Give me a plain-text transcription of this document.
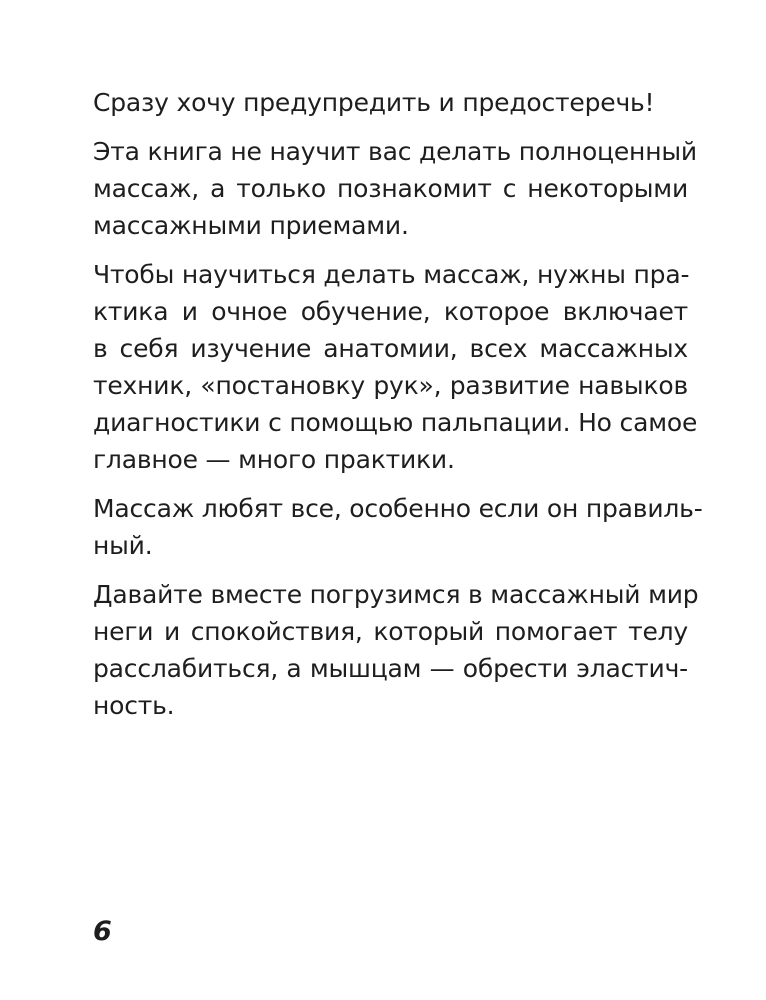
Сразу хочу предупредить и предостеречь!
Эта книга не научит вас делать полноценный
массаж, а только познакомит с некоторыми
массажными приемами.
Чтобы научиться делать массаж, нужны пра-
ктика и очное обучение, которое включает
в себя изучение анатомии, всех массажных
техник, «постановку рук», развитие навыков
диагностики с помощью пальпации. Но самое
главное — много практики.
Массаж любят все, особенно если он правиль-
ный.
Давайте вместе погрузимся в массажный мир
неги и спокойствия, который помогает телу
расслабиться, а мышцам — обрести эластич-
ность.
6
